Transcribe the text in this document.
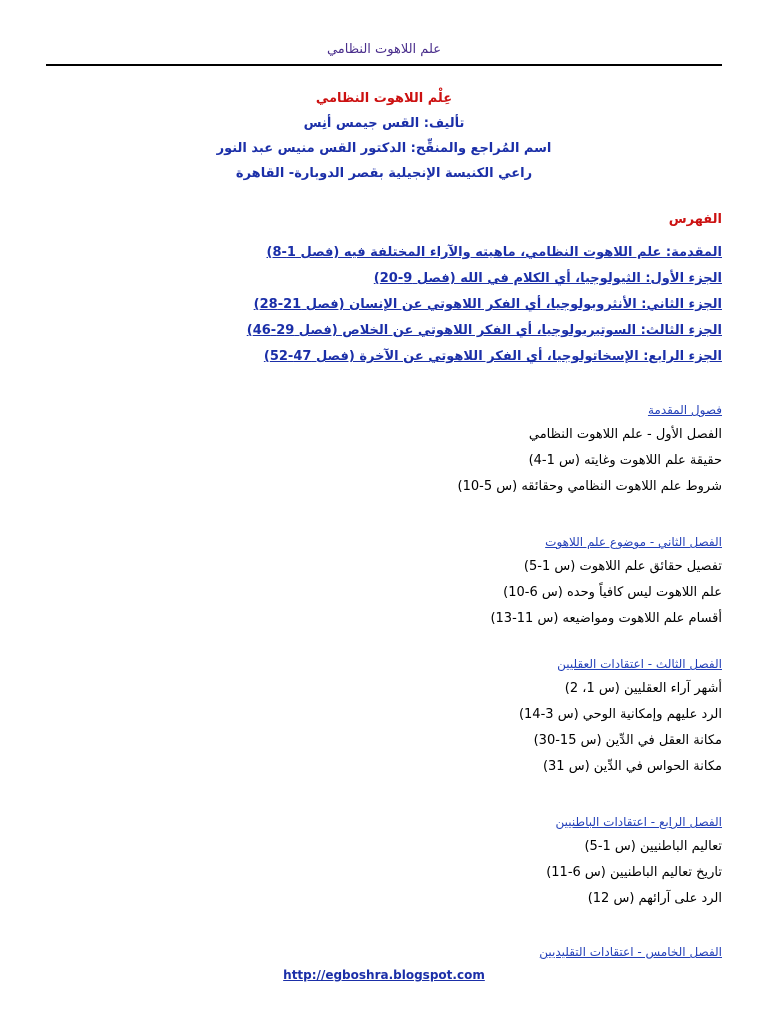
علم اللاهوت النظامي
عِلْم اللاهوت النظامي
تأليف: القس جيمس أنِس
اسم المُراجع والمنقِّح: الدكتور القس منيس عبد النور
راعي الكنيسة الإنجيلية بقصر الدوبارة- القاهرة
الفهرس
المقدمة: علم اللاهوت النظامي، ماهيته والآراء المختلفة فيه (فصل 1-8)
الجزء الأول: الثيولوجيا، أي الكلام في الله (فصل 9-20)
الجزء الثاني: الأنثروبولوجيا، أي الفكر اللاهوتي عن الإنسان (فصل 21-28)
الجزء الثالث: السوتيريولوجيا، أي الفكر اللاهوتي عن الخلاص (فصل 29-46)
الجزء الرابع: الإسخاتولوجيا، أي الفكر اللاهوتي عن الآخرة (فصل 47-52)
فصول المقدمة
الفصل الأول - علم اللاهوت النظامي
حقيقة علم اللاهوت وغايته (س 1-4)
شروط علم اللاهوت النظامي وحقائقه (س 5-10)
الفصل الثاني - موضوع علم اللاهوت
تفصيل حقائق علم اللاهوت (س 1-5)
علم اللاهوت ليس كافياً وحده (س 6-10)
أقسام علم اللاهوت ومواضيعه (س 11-13)
الفصل الثالث - اعتقادات العقليين
أشهر آراء العقليين (س 1، 2)
الرد عليهم وإمكانية الوحي (س 3-14)
مكانة العقل في الدِّين (س 15-30)
مكانة الحواس في الدِّين (س 31)
الفصل الرابع - اعتقادات الباطنيين
تعاليم الباطنيين (س 1-5)
تاريخ تعاليم الباطنيين (س 6-11)
الرد على آرائهم (س 12)
الفصل الخامس - اعتقادات التقليديين
http://egboshra.blogspot.com
